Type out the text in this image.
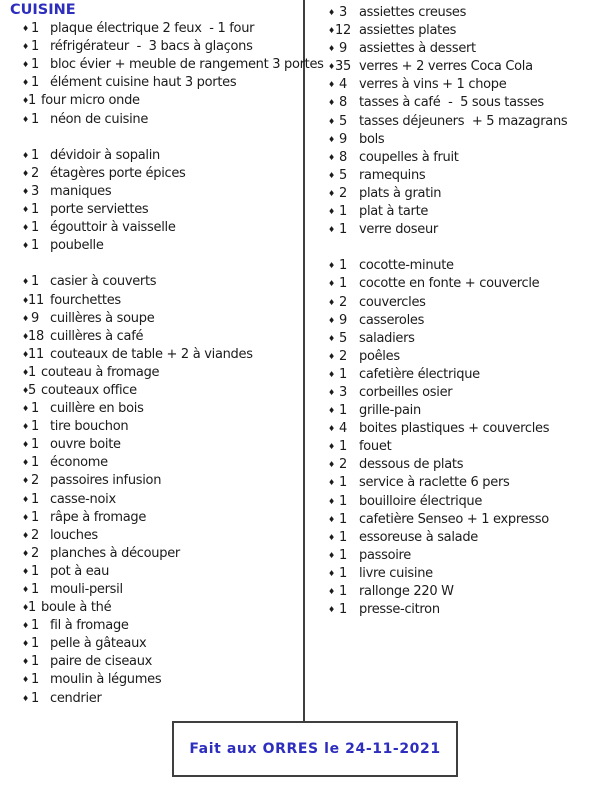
CUISINE
♦ 1 plaque électrique 2 feux  - 1 four
♦ 1 réfrigérateur  -  3 bacs à glaçons
♦ 1 bloc évier + meuble de rangement 3 portes
♦ 1 élément cuisine haut 3 portes
♦1 four micro onde
♦ 1 néon de cuisine
♦ 1 dévidoir à sopalin
♦ 2 étagères porte épices
♦ 3 maniques
♦ 1 porte serviettes
♦ 1 égouttoir à vaisselle
♦ 1 poubelle
♦ 1 casier à couverts
♦11 fourchettes
♦ 9 cuillères à soupe
♦18 cuillères à café
♦11 couteaux de table + 2 à viandes
♦1 couteau à fromage
♦5 couteaux office
♦ 1 cuillère en bois
♦ 1 tire bouchon
♦ 1 ouvre boite
♦ 1 économe
♦ 2 passoires infusion
♦ 1 casse-noix
♦ 1 râpe à fromage
♦ 2 louches
♦ 2 planches à découper
♦ 1 pot à eau
♦ 1 mouli-persil
♦1 boule à thé
♦ 1 fil à fromage
♦ 1 pelle à gâteaux
♦ 1 paire de ciseaux
♦ 1 moulin à légumes
♦ 1 cendrier
♦ 3 assiettes creuses
♦12 assiettes plates
♦ 9 assiettes à dessert
♦35 verres + 2 verres Coca Cola
♦ 4 verres à vins + 1 chope
♦ 8 tasses à café  -  5 sous tasses
♦ 5 tasses déjeuners  + 5 mazagrans
♦ 9 bols
♦ 8 coupelles à fruit
♦ 5 ramequins
♦ 2 plats à gratin
♦ 1 plat à tarte
♦ 1 verre doseur
♦ 1 cocotte-minute
♦ 1 cocotte en fonte + couvercle
♦ 2 couvercles
♦ 9 casseroles
♦ 5 saladiers
♦ 2 poêles
♦ 1 cafetière électrique
♦ 3 corbeilles osier
♦ 1 grille-pain
♦ 4 boites plastiques + couvercles
♦ 1 fouet
♦ 2 dessous de plats
♦ 1 service à raclette 6 pers
♦ 1 bouilloire électrique
♦ 1 cafetière Senseo + 1 expresso
♦ 1 essoreuse à salade
♦ 1 passoire
♦ 1 livre cuisine
♦ 1 rallonge 220 W
♦ 1 presse-citron
Fait aux ORRES le 24-11-2021
